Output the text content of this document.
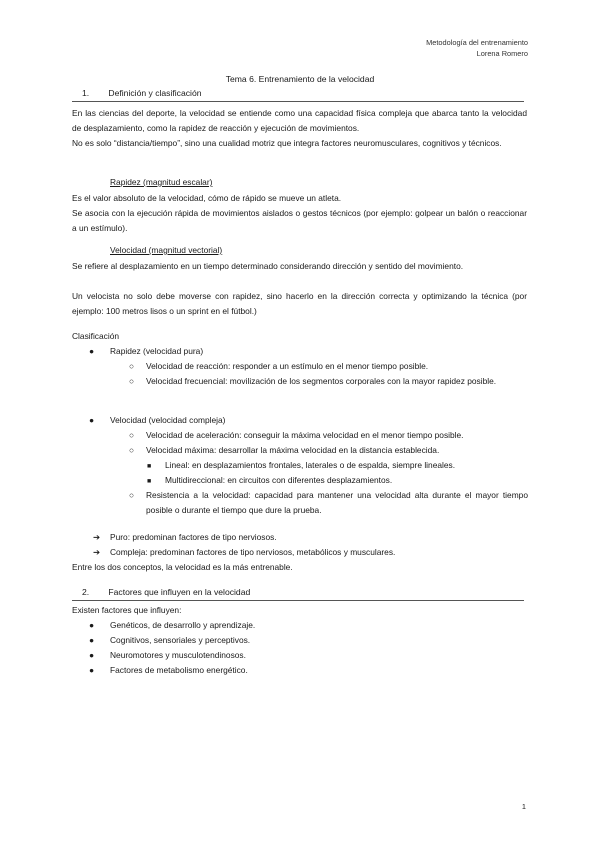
Metodología del entrenamiento
Lorena Romero
Tema 6. Entrenamiento de la velocidad
1. Definición y clasificación

En las ciencias del deporte, la velocidad se entiende como una capacidad física compleja que abarca tanto la velocidad de desplazamiento, como la rapidez de reacción y ejecución de movimientos.

No es solo “distancia/tiempo”, sino una cualidad motriz que integra factores neuromusculares, cognitivos y técnicos.

Rapidez (magnitud escalar)

Es el valor absoluto de la velocidad, cómo de rápido se mueve un atleta.

Se asocia con la ejecución rápida de movimientos aislados o gestos técnicos (por ejemplo: golpear un balón o reaccionar a un estímulo).

Velocidad (magnitud vectorial)

Se refiere al desplazamiento en un tiempo determinado considerando dirección y sentido del movimiento.

Un velocista no solo debe moverse con rapidez, sino hacerlo en la dirección correcta y optimizando la técnica (por ejemplo: 100 metros lisos o un sprint en el fútbol.)

Clasificación
● Rapidez (velocidad pura)
○ Velocidad de reacción: responder a un estímulo en el menor tiempo posible.
○ Velocidad frecuencial: movilización de los segmentos corporales con la mayor rapidez posible.
● Velocidad (velocidad compleja)
○ Velocidad de aceleración: conseguir la máxima velocidad en el menor tiempo posible.
○ Velocidad máxima: desarrollar la máxima velocidad en la distancia establecida.
■ Lineal: en desplazamientos frontales, laterales o de espalda, siempre lineales.
■ Multidireccional: en circuitos con diferentes desplazamientos.
○ Resistencia a la velocidad: capacidad para mantener una velocidad alta durante el mayor tiempo posible o durante el tiempo que dure la prueba.
➔ Puro: predominan factores de tipo nerviosos.
➔ Compleja: predominan factores de tipo nerviosos, metabólicos y musculares.
Entre los dos conceptos, la velocidad es la más entrenable.
2. Factores que influyen en la velocidad
Existen factores que influyen:
● Genéticos, de desarrollo y aprendizaje.
● Cognitivos, sensoriales y perceptivos.
● Neuromotores y musculotendinosos.
● Factores de metabolismo energético.
1
